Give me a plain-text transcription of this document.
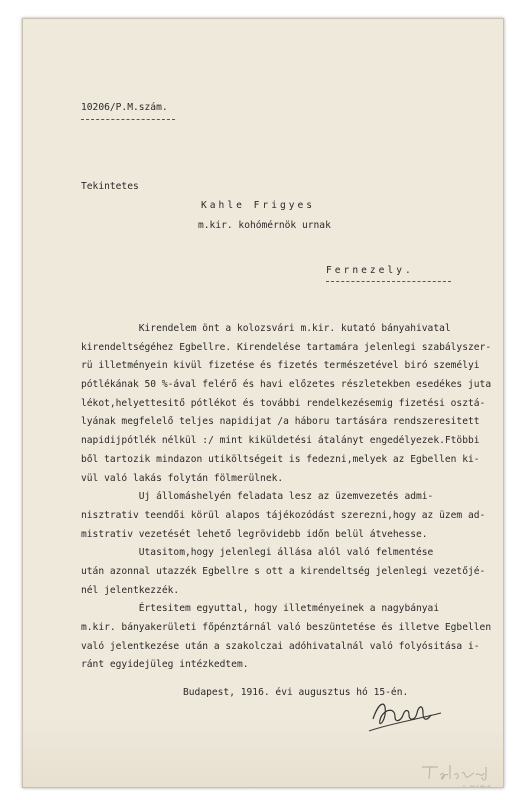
10206/P.M.szám.
Tekintetes
Kahle Frigyes
m.kir. kohómérnök urnak
Fernezely.
Kirendelem önt a kolozsvári m.kir. kutató bányahivatal
kirendeltségéhez Egbellre. Kirendelése tartamára jelenlegi szabályszer-
rü illetményein kivül fizetése és fizetés természetével biró személyi
pótlékának 50 %-ával felérő és havi előzetes részletekben esedékes juta
lékot,helyettesitő pótlékot és további rendelkezésemig fizetési osztá-
lyának megfelelő teljes napidijat /a háboru tartására rendszeresitett
napidijpótlék nélkül :/ mint kiküldetési átalányt engedélyezek.Ftöbbi
ből tartozik mindazon utiköltségeit is fedezni,melyek az Egbellen ki-
vül való lakás folytán fölmerülnek.
Uj állomáshelyén feladata lesz az üzemvezetés admi-
nisztrativ teendői körül alapos tájékozódást szerezni,hogy az üzem ad-
mistrativ vezetését lehető legrövidebb időn belül átvehesse.
Utasitom,hogy jelenlegi állása alól való felmentése
után azonnal utazzék Egbellre s ott a kirendeltség jelenlegi vezetőjé-
nél jelentkezzék.
Értesitem egyuttal, hogy illetményeinek a nagybányai
m.kir. bányakerületi főpénztárnál való beszüntetése és illetve Egbellen
való jelentkezése után a szakolczai adóhivatalnál való folyósitása i-
ránt egyidejüleg intézkedtem.
Budapest, 1916. évi augusztus hó 15-én.
